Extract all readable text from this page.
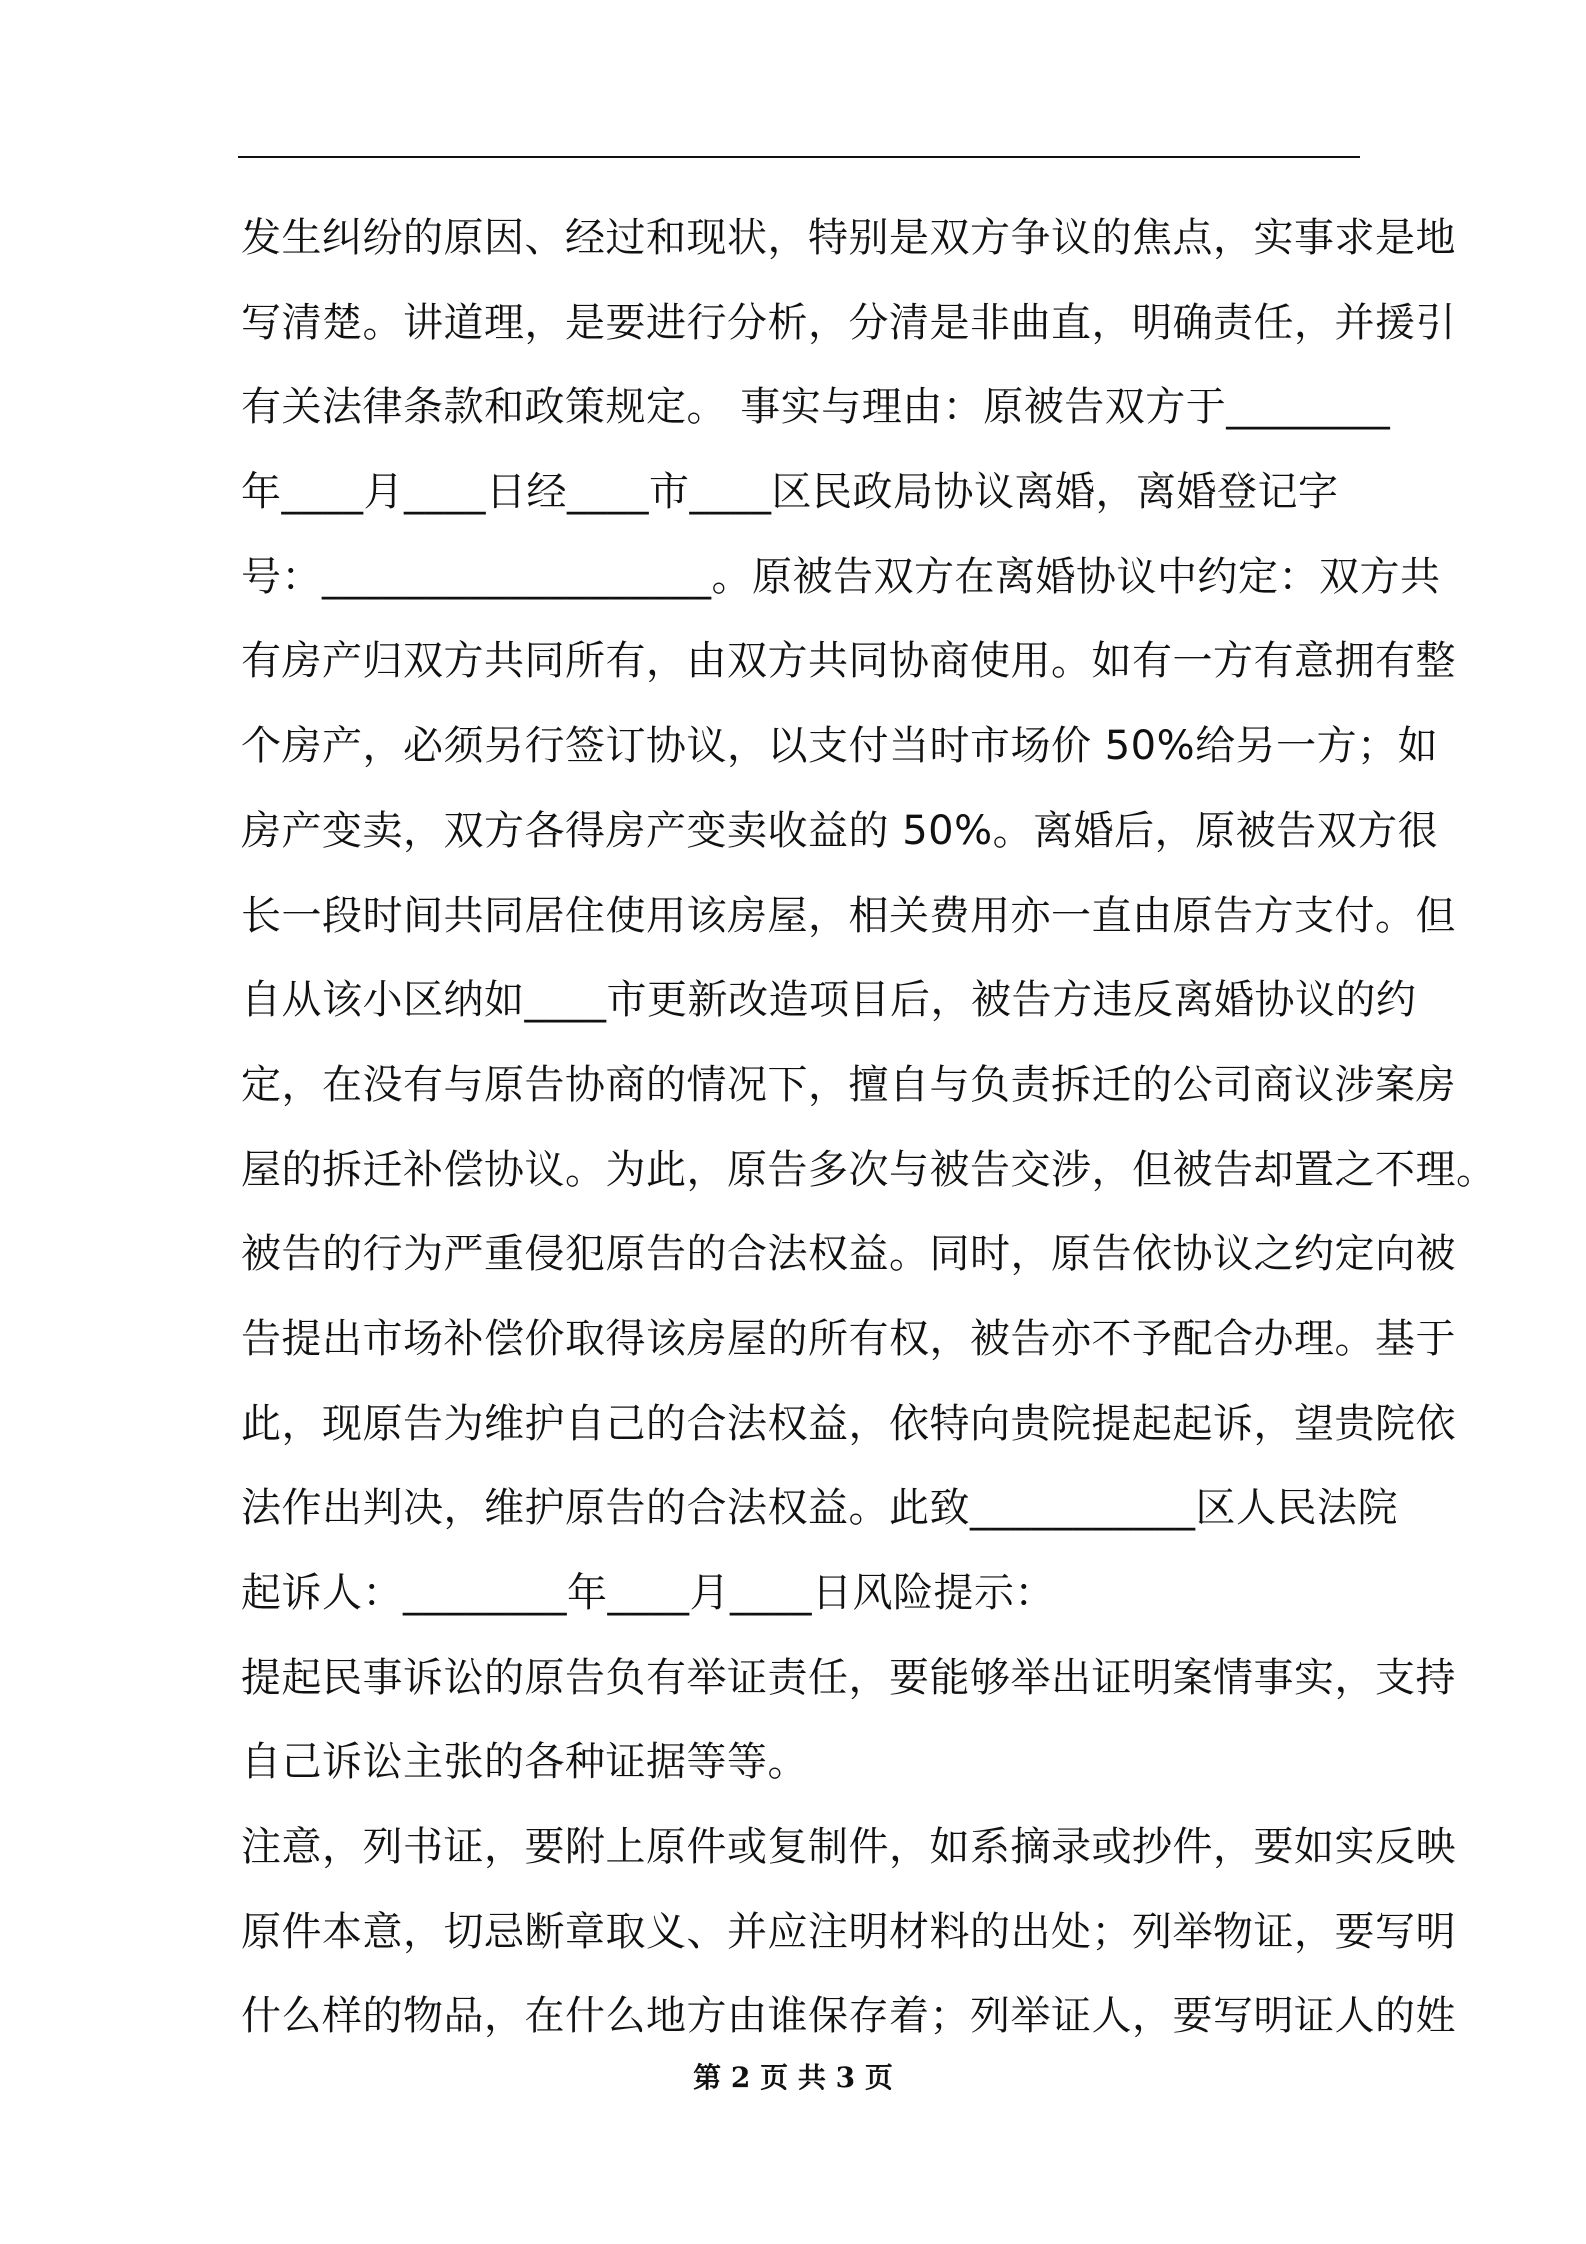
发生纠纷的原因、经过和现状，特别是双方争议的焦点，实事求是地
写清楚。讲道理，是要进行分析，分清是非曲直，明确责任，并援引
有关法律条款和政策规定。 事实与理由：原被告双方于________
年____月____日经____市____区民政局协议离婚，离婚登记字
号：___________________。原被告双方在离婚协议中约定：双方共
有房产归双方共同所有，由双方共同协商使用。如有一方有意拥有整
个房产，必须另行签订协议，以支付当时市场价 50%给另一方；如
房产变卖，双方各得房产变卖收益的 50%。离婚后，原被告双方很
长一段时间共同居住使用该房屋，相关费用亦一直由原告方支付。但
自从该小区纳如____市更新改造项目后，被告方违反离婚协议的约
定，在没有与原告协商的情况下，擅自与负责拆迁的公司商议涉案房
屋的拆迁补偿协议。为此，原告多次与被告交涉，但被告却置之不理。
被告的行为严重侵犯原告的合法权益。同时，原告依协议之约定向被
告提出市场补偿价取得该房屋的所有权，被告亦不予配合办理。基于
此，现原告为维护自己的合法权益，依特向贵院提起起诉，望贵院依
法作出判决，维护原告的合法权益。此致___________区人民法院
起诉人：________年____月____日风险提示：
提起民事诉讼的原告负有举证责任，要能够举出证明案情事实，支持
自己诉讼主张的各种证据等等。
注意，列书证，要附上原件或复制件，如系摘录或抄件，要如实反映
原件本意，切忌断章取义、并应注明材料的出处；列举物证，要写明
什么样的物品，在什么地方由谁保存着；列举证人，要写明证人的姓
第 2 页 共 3 页
